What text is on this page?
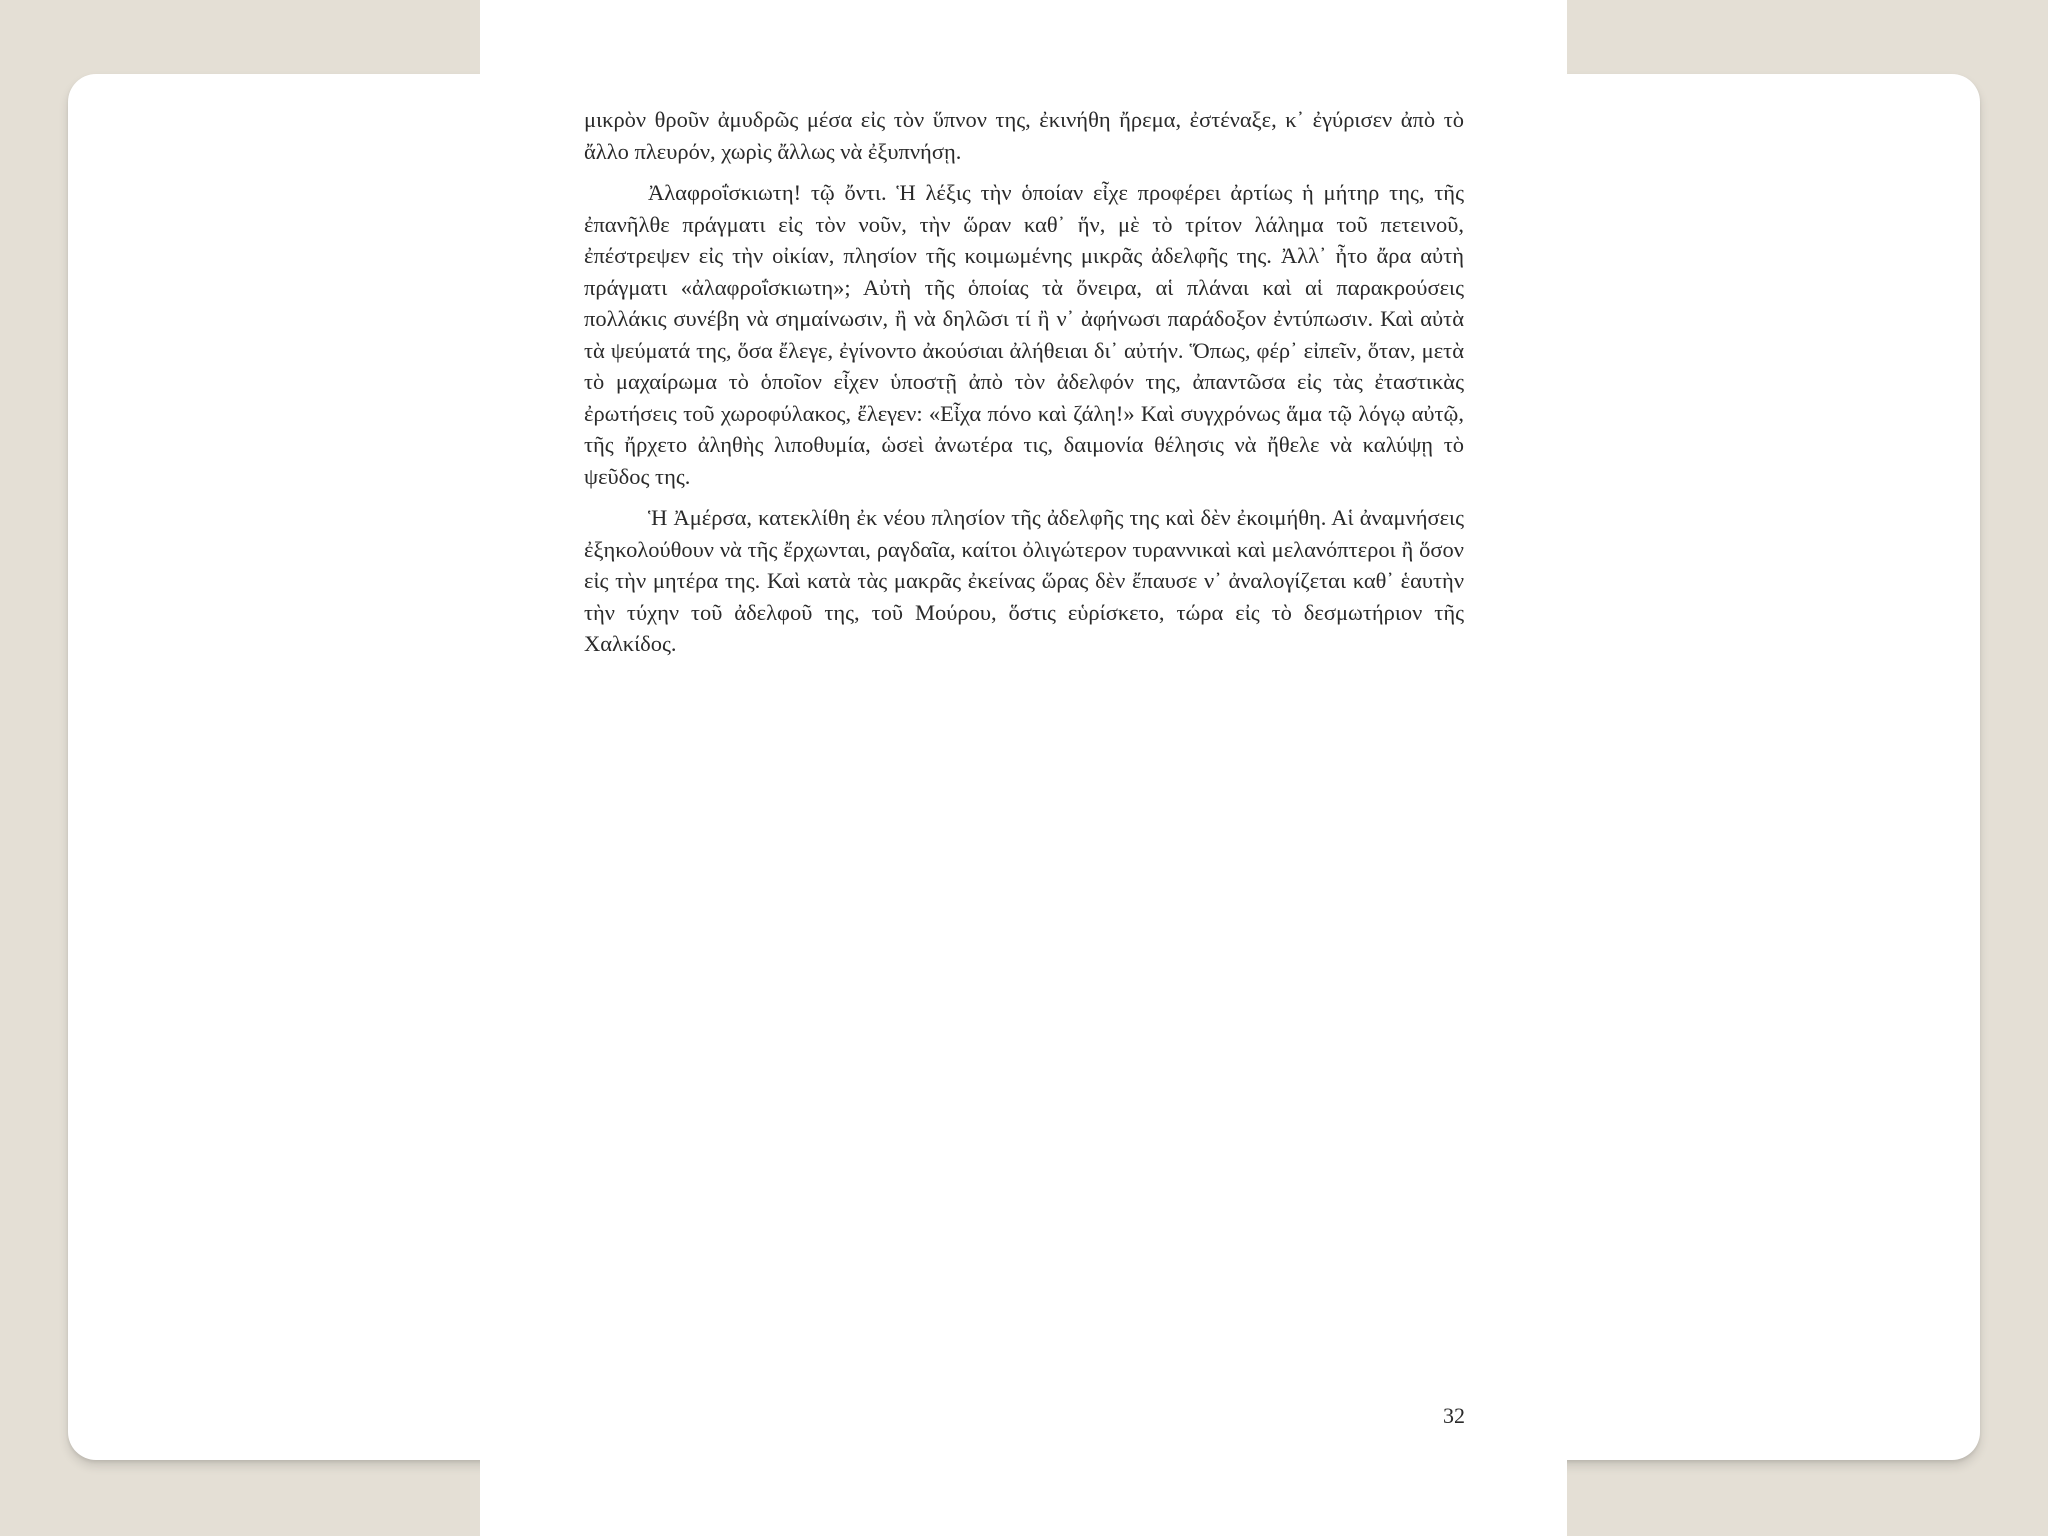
μικρὸν θροῦν ἀμυδρῶς μέσα εἰς τὸν ὕπνον της, ἐκινήθη ἤρεμα, ἐστέναξε, κ᾽ ἐγύρισεν ἀπὸ τὸ ἄλλο πλευρόν, χωρὶς ἄλλως νὰ ἐξυπνήσῃ.

Ἀλαφροΐσκιωτη! τῷ ὄντι. Ἡ λέξις τὴν ὁποίαν εἶχε προφέρει ἀρτίως ἡ μήτηρ της, τῆς ἐπανῆλθε πράγματι εἰς τὸν νοῦν, τὴν ὥραν καθ᾽ ἥν, μὲ τὸ τρίτον λάλημα τοῦ πετεινοῦ, ἐπέστρεψεν εἰς τὴν οἰκίαν, πλησίον τῆς κοιμωμένης μικρᾶς ἀδελφῆς της. Ἀλλ᾽ ἦτο ἄρα αὐτὴ πράγματι «ἀλαφροΐσκιωτη»; Αὐτὴ τῆς ὁποίας τὰ ὄνειρα, αἱ πλάναι καὶ αἱ παρακρούσεις πολλάκις συνέβη νὰ σημαίνωσιν, ἢ νὰ δηλῶσι τί ἢ ν᾽ ἀφήνωσι παράδοξον ἐντύπωσιν. Καὶ αὐτὰ τὰ ψεύματά της, ὅσα ἔλεγε, ἐγίνοντο ἀκούσιαι ἀλήθειαι δι᾽ αὐτήν. Ὅπως, φέρ᾽ εἰπεῖν, ὅταν, μετὰ τὸ μαχαίρωμα τὸ ὁποῖον εἶχεν ὑποστῇ ἀπὸ τὸν ἀδελφόν της, ἀπαντῶσα εἰς τὰς ἐταστικὰς ἐρωτήσεις τοῦ χωροφύλακος, ἔλεγεν: «Εἶχα πόνο καὶ ζάλη!» Καὶ συγχρόνως ἅμα τῷ λόγῳ αὐτῷ, τῆς ἤρχετο ἀληθὴς λιποθυμία, ὡσεὶ ἀνωτέρα τις, δαιμονία θέλησις νὰ ἤθελε νὰ καλύψῃ τὸ ψεῦδος της.

Ἡ Ἀμέρσα, κατεκλίθη ἐκ νέου πλησίον τῆς ἀδελφῆς της καὶ δὲν ἐκοιμήθη. Αἱ ἀναμνήσεις ἐξηκολούθουν νὰ τῆς ἔρχωνται, ραγδαῖα, καίτοι ὀλιγώτερον τυραννικαὶ καὶ μελανόπτεροι ἢ ὅσον εἰς τὴν μητέρα της. Καὶ κατὰ τὰς μακρᾶς ἐκείνας ὥρας δὲν ἔπαυσε ν᾽ ἀναλογίζεται καθ᾽ ἑαυτὴν τὴν τύχην τοῦ ἀδελφοῦ της, τοῦ Μούρου, ὅστις εὑρίσκετο, τώρα εἰς τὸ δεσμωτήριον τῆς Χαλκίδος.

32
